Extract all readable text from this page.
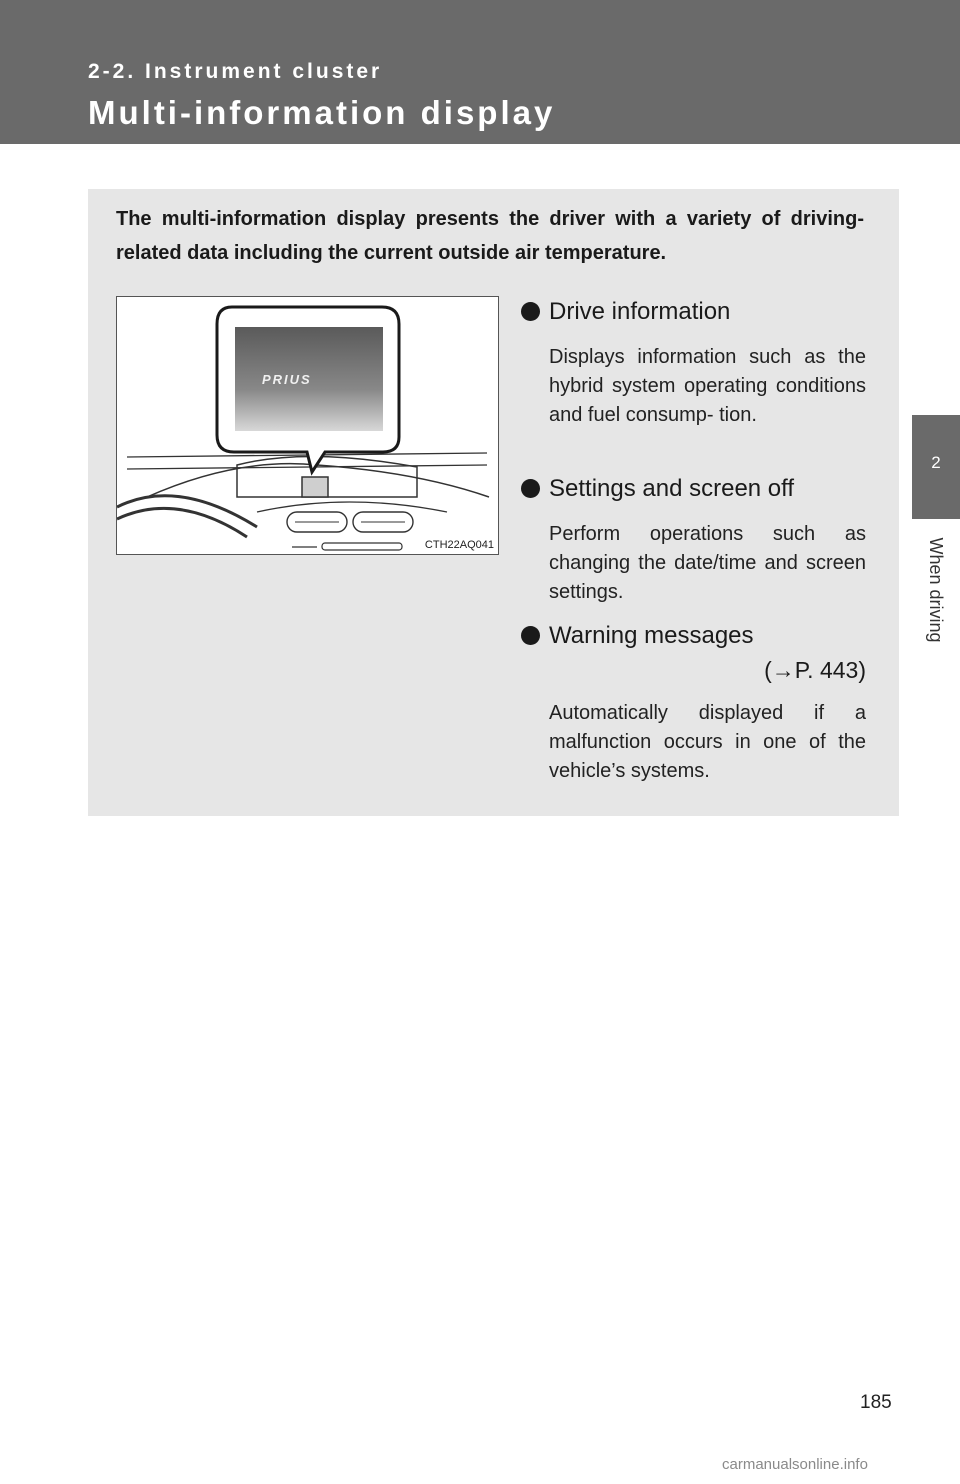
2-2. Instrument cluster
Multi-information display
2
When driving
The multi-information display presents the driver with a variety of driving-related data including the current outside air temperature.
PRIUS
CTH22AQ041
Drive information
Displays information such as the hybrid system operating conditions and fuel consump- tion.
Settings and screen off
Perform operations such as changing the date/time and screen settings.
Warning messages
(→P. 443)
Automatically displayed if a malfunction occurs in one of the vehicle’s systems.
185
carmanualsonline.info
